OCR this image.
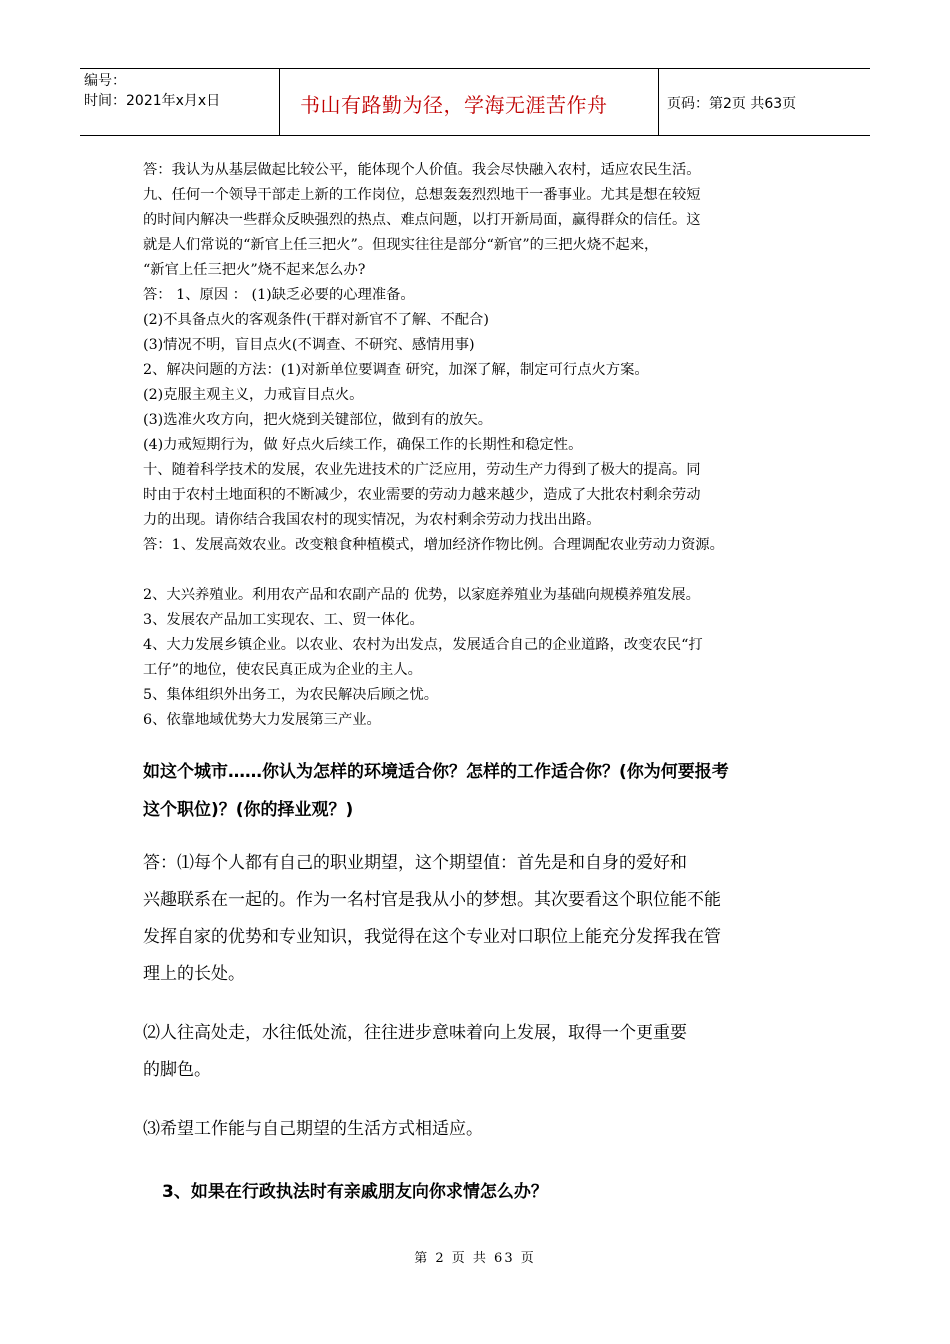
编号：
时间：2021年x月x日	书山有路勤为径，学海无涯苦作舟	页码：第2页 共63页

答：我认为从基层做起比较公平，能体现个人价值。我会尽快融入农村，适应农民生活。

九、任何一个领导干部走上新的工作岗位，总想轰轰烈烈地干一番事业。尤其是想在较短

的时间内解决一些群众反映强烈的热点、难点问题，以打开新局面，赢得群众的信任。这

就是人们常说的“新官上任三把火”。但现实往往是部分“新官”的三把火烧不起来，

“新官上任三把火”烧不起来怎么办?

答： 1、原因 ： (1)缺乏必要的心理准备。

(2)不具备点火的客观条件(干群对新官不了解、不配合)

(3)情况不明，盲目点火(不调查、不研究、感情用事)

2、解决问题的方法：(1)对新单位要调查 研究，加深了解，制定可行点火方案。

(2)克服主观主义，力戒盲目点火。

(3)选准火攻方向，把火烧到关键部位，做到有的放矢。

(4)力戒短期行为，做 好点火后续工作，确保工作的长期性和稳定性。

十、随着科学技术的发展，农业先进技术的广泛应用，劳动生产力得到了极大的提高。同

时由于农村土地面积的不断减少，农业需要的劳动力越来越少，造成了大批农村剩余劳动

力的出现。请你结合我国农村的现实情况，为农村剩余劳动力找出出路。

答：1、发展高效农业。改变粮食种植模式，增加经济作物比例。合理调配农业劳动力资源。

2、大兴养殖业。利用农产品和农副产品的 优势，以家庭养殖业为基础向规模养殖发展。

3、发展农产品加工实现农、工、贸一体化。

4、大力发展乡镇企业。以农业、农村为出发点，发展适合自己的企业道路，改变农民“打

工仔”的地位，使农民真正成为企业的主人。

5、集体组织外出务工，为农民解决后顾之忧。

6、依靠地域优势大力发展第三产业。

如这个城市……你认为怎样的环境适合你？怎样的工作适合你？(你为何要报考
这个职位)？(你的择业观？)
答：⑴每个人都有自己的职业期望，这个期望值：首先是和自身的爱好和
兴趣联系在一起的。作为一名村官是我从小的梦想。其次要看这个职位能不能
发挥自家的优势和专业知识，我觉得在这个专业对口职位上能充分发挥我在管
理上的长处。
⑵人往高处走，水往低处流，往往进步意味着向上发展，取得一个更重要
的脚色。
⑶希望工作能与自己期望的生活方式相适应。
3、如果在行政执法时有亲戚朋友向你求情怎么办？
第 2 页 共 63 页
